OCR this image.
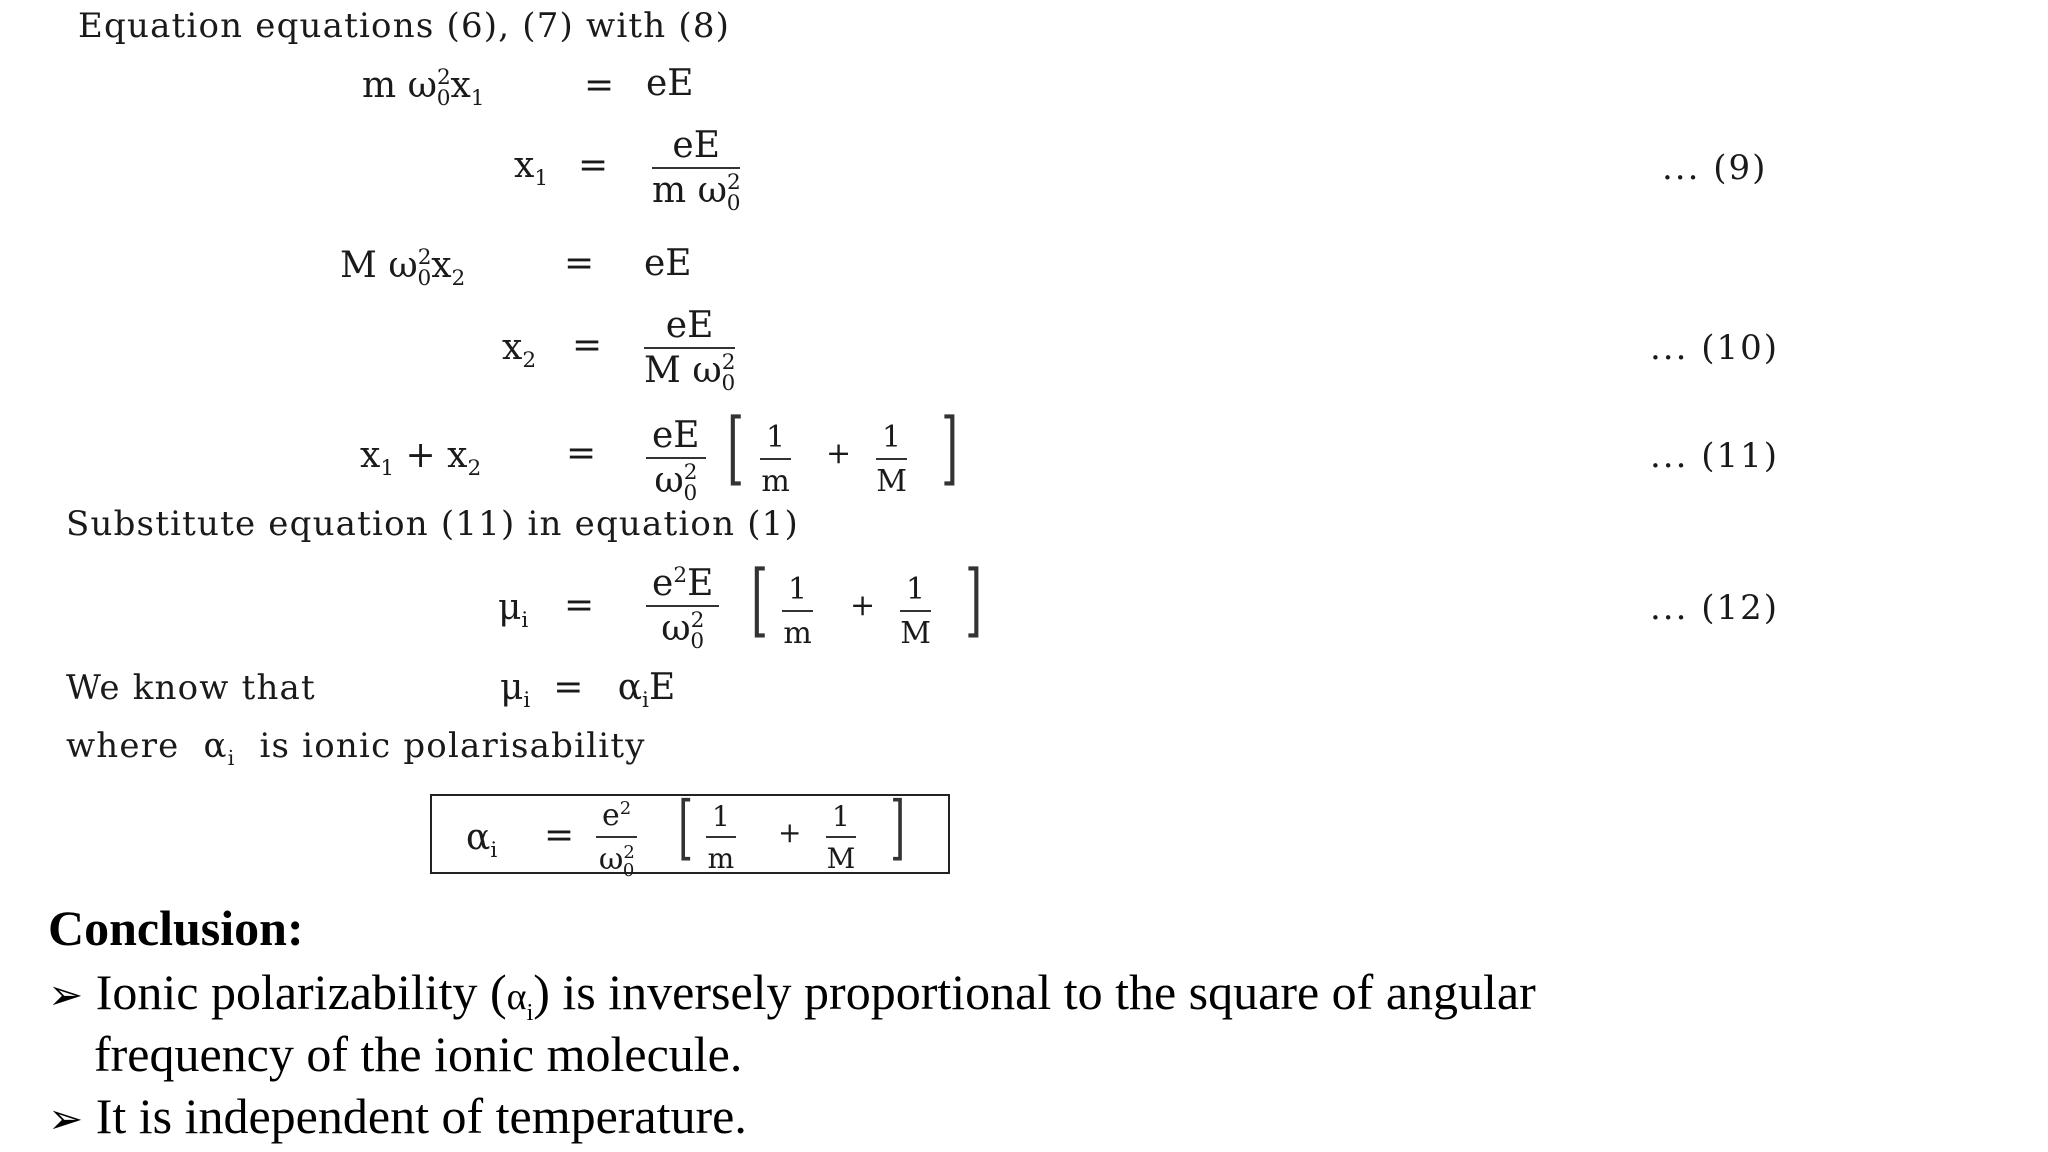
Equation equations (6), (7) with (8)
m $\omega^2_0x_1$	= eE
$x_1 = \frac{eE}{m \omega^2_0}$	... (9)
M $\omega^2_0x_2$	= eE
$x_2 = \frac{eE}{M \omega^2_0}$	... (10)
$x_1 + x_2 = \frac{eE}{\omega^2_0}$ [ $\frac{1}{m} + \frac{1}{M}$ ]	... (11)
Substitute equation (11) in equation (1)
$\mu_i = \frac{e^2E}{\omega^2_0}$ [ $\frac{1}{m} + \frac{1}{M}$ ]	... (12)
We know that	$\mu_i = \alpha_iE$
where $\alpha_i$ is ionic polarisability
$\alpha_i = \frac{e^2}{\omega^2_0}$ [ $\frac{1}{m} + \frac{1}{M}$ ]
Conclusion:
➢ Ionic polarizability $(\alpha_i)$ is inversely proportional to the square of angular
frequency of the ionic molecule.
➢ It is independent of temperature.
